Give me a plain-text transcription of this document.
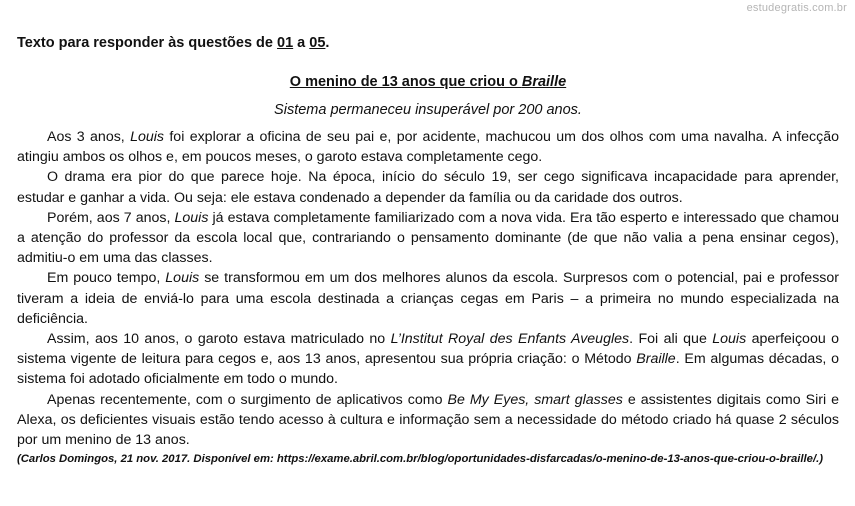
estudegratis.com.br

Texto para responder às questões de 01 a 05.

O menino de 13 anos que criou o Braille

Sistema permaneceu insuperável por 200 anos.

Aos 3 anos, Louis foi explorar a oficina de seu pai e, por acidente, machucou um dos olhos com uma navalha. A infecção atingiu ambos os olhos e, em poucos meses, o garoto estava completamente cego.

O drama era pior do que parece hoje. Na época, início do século 19, ser cego significava incapacidade para aprender, estudar e ganhar a vida. Ou seja: ele estava condenado a depender da família ou da caridade dos outros.

Porém, aos 7 anos, Louis já estava completamente familiarizado com a nova vida. Era tão esperto e interessado que chamou a atenção do professor da escola local que, contrariando o pensamento dominante (de que não valia a pena ensinar cegos), admitiu-o em uma das classes.

Em pouco tempo, Louis se transformou em um dos melhores alunos da escola. Surpresos com o potencial, pai e professor tiveram a ideia de enviá-lo para uma escola destinada a crianças cegas em Paris – a primeira no mundo especializada na deficiência.

Assim, aos 10 anos, o garoto estava matriculado no L’Institut Royal des Enfants Aveugles. Foi ali que Louis aperfeiçoou o sistema vigente de leitura para cegos e, aos 13 anos, apresentou sua própria criação: o Método Braille. Em algumas décadas, o sistema foi adotado oficialmente em todo o mundo.

Apenas recentemente, com o surgimento de aplicativos como Be My Eyes, smart glasses e assistentes digitais como Siri e Alexa, os deficientes visuais estão tendo acesso à cultura e informação sem a necessidade do método criado há quase 2 séculos por um menino de 13 anos.

(Carlos Domingos, 21 nov. 2017. Disponível em: https://exame.abril.com.br/blog/oportunidades-disfarcadas/o-menino-de-13-anos-que-criou-o-braille/.)
